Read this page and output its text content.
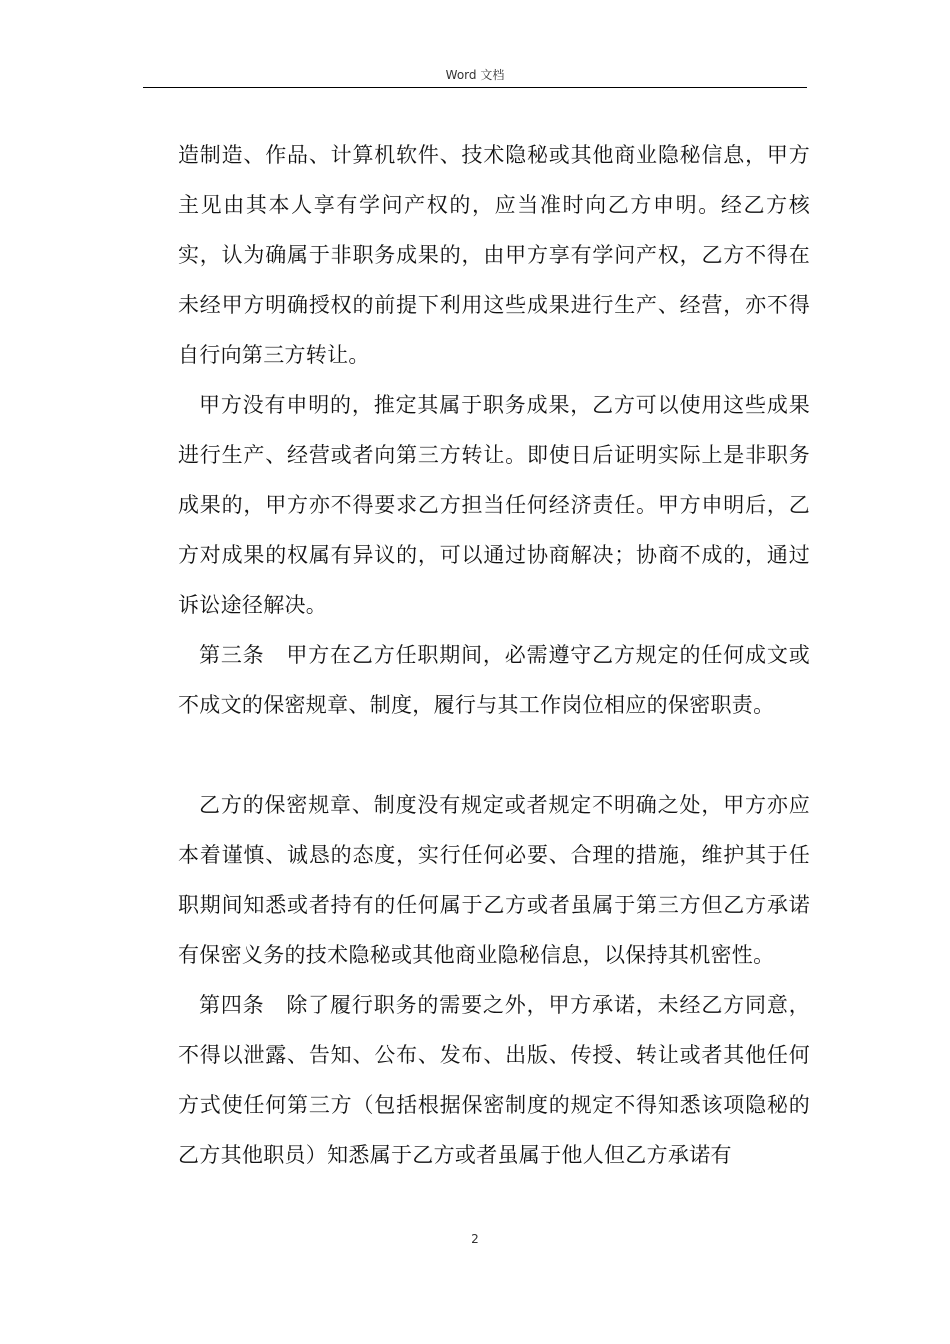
Word 文档

造制造、作品、计算机软件、技术隐秘或其他商业隐秘信息，甲方主见由其本人享有学问产权的，应当准时向乙方申明。经乙方核实，认为确属于非职务成果的，由甲方享有学问产权，乙方不得在未经甲方明确授权的前提下利用这些成果进行生产、经营，亦不得自行向第三方转让。

甲方没有申明的，推定其属于职务成果，乙方可以使用这些成果进行生产、经营或者向第三方转让。即使日后证明实际上是非职务成果的，甲方亦不得要求乙方担当任何经济责任。甲方申明后，乙方对成果的权属有异议的，可以通过协商解决；协商不成的，通过诉讼途径解决。

第三条　甲方在乙方任职期间，必需遵守乙方规定的任何成文或不成文的保密规章、制度，履行与其工作岗位相应的保密职责。

乙方的保密规章、制度没有规定或者规定不明确之处，甲方亦应本着谨慎、诚恳的态度，实行任何必要、合理的措施，维护其于任职期间知悉或者持有的任何属于乙方或者虽属于第三方但乙方承诺有保密义务的技术隐秘或其他商业隐秘信息，以保持其机密性。

第四条　除了履行职务的需要之外，甲方承诺，未经乙方同意，不得以泄露、告知、公布、发布、出版、传授、转让或者其他任何方式使任何第三方（包括根据保密制度的规定不得知悉该项隐秘的乙方其他职员）知悉属于乙方或者虽属于他人但乙方承诺有

2
